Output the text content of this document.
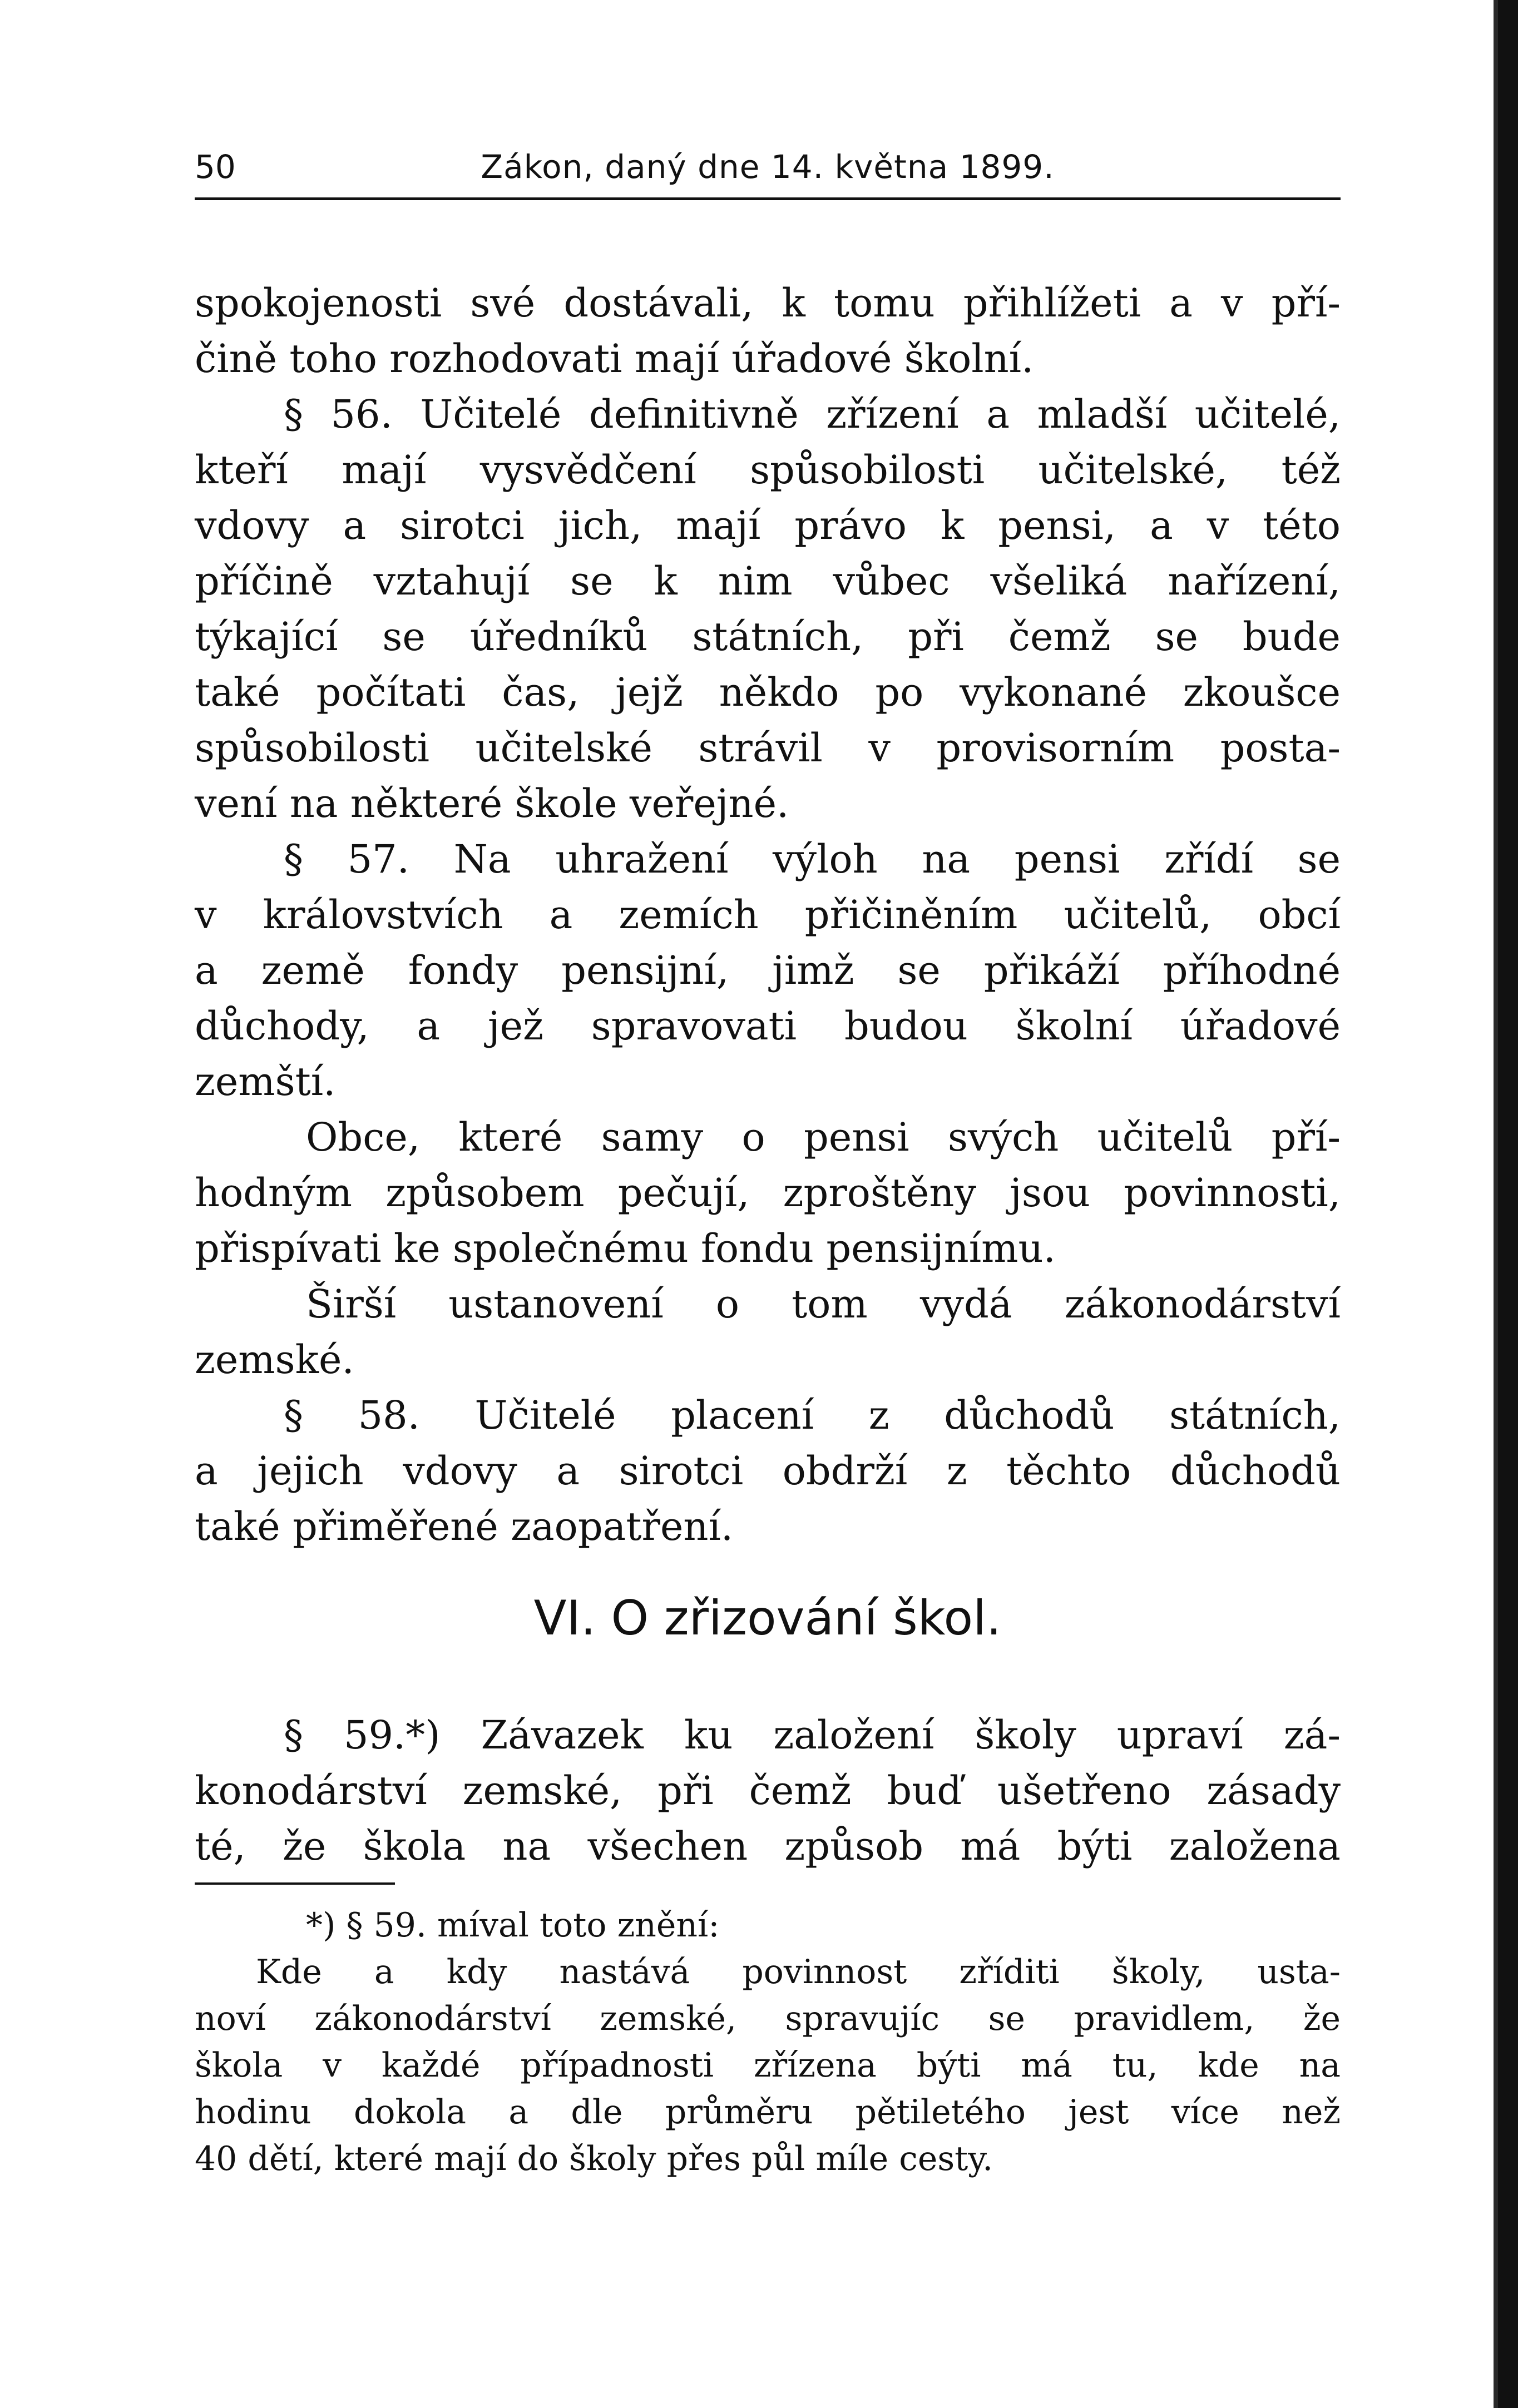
50	Zákon, daný dne 14. května 1899.
spokojenosti své dostávali, k tomu přihlížeti a v pří-
čině toho rozhodovati mají úřadové školní.
§ 56. Učitelé definitivně zřízení a mladší učitelé,
kteří mají vysvědčení spůsobilosti učitelské, též
vdovy a sirotci jich, mají právo k pensi, a v této
příčině vztahují se k nim vůbec všeliká nařízení,
týkající se úředníků státních, při čemž se bude
také počítati čas, jejž někdo po vykonané zkoušce
spůsobilosti učitelské strávil v provisorním posta-
vení na některé škole veřejné.
§ 57. Na uhražení výloh na pensi zřídí se
v královstvích a zemích přičiněním učitelů, obcí
a země fondy pensijní, jimž se přikáží příhodné
důchody, a jež spravovati budou školní úřadové
zemští.
Obce, které samy o pensi svých učitelů pří-
hodným způsobem pečují, zproštěny jsou povinnosti,
přispívati ke společnému fondu pensijnímu.
Širší ustanovení o tom vydá zákonodárství
zemské.
§ 58. Učitelé placení z důchodů státních,
a jejich vdovy a sirotci obdrží z těchto důchodů
také přiměřené zaopatření.
VI. O zřizování škol.
§ 59.*) Závazek ku založení školy upraví zá-
konodárství zemské, při čemž buď ušetřeno zásady
té, že škola na všechen způsob má býti založena
*) § 59. míval toto znění:
Kde a kdy nastává povinnost zříditi školy, usta-
noví zákonodárství zemské, spravujíc se pravidlem, že
škola v každé případnosti zřízena býti má tu, kde na
hodinu dokola a dle průměru pětiletého jest více než
40 dětí, které mají do školy přes půl míle cesty.
